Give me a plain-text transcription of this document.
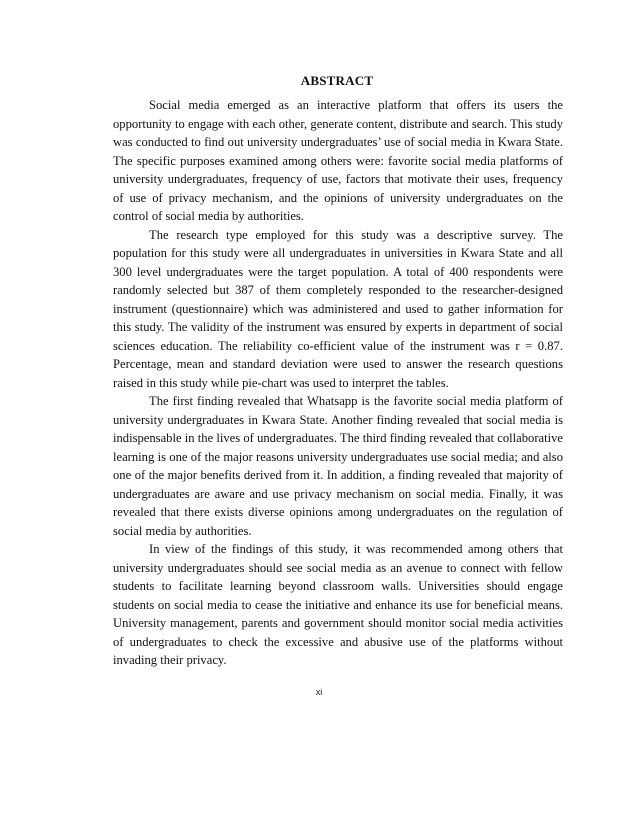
ABSTRACT

Social media emerged as an interactive platform that offers its users the opportunity to engage with each other, generate content, distribute and search. This study was conducted to find out university undergraduates’ use of social media in Kwara State. The specific purposes examined among others were: favorite social media platforms of university undergraduates, frequency of use, factors that motivate their uses, frequency of use of privacy mechanism, and the opinions of university undergraduates on the control of social media by authorities.

The research type employed for this study was a descriptive survey. The population for this study were all undergraduates in universities in Kwara State and all 300 level undergraduates were the target population. A total of 400 respondents were randomly selected but 387 of them completely responded to the researcher-designed instrument (questionnaire) which was administered and used to gather information for this study. The validity of the instrument was ensured by experts in department of social sciences education. The reliability co-efficient value of the instrument was r = 0.87. Percentage, mean and standard deviation were used to answer the research questions raised in this study while pie-chart was used to interpret the tables.

The first finding revealed that Whatsapp is the favorite social media platform of university undergraduates in Kwara State. Another finding revealed that social media is indispensable in the lives of undergraduates. The third finding revealed that collaborative learning is one of the major reasons university undergraduates use social media; and also one of the major benefits derived from it. In addition, a finding revealed that majority of undergraduates are aware and use privacy mechanism on social media. Finally, it was revealed that there exists diverse opinions among undergraduates on the regulation of social media by authorities.

In view of the findings of this study, it was recommended among others that university undergraduates should see social media as an avenue to connect with fellow students to facilitate learning beyond classroom walls. Universities should engage students on social media to cease the initiative and enhance its use for beneficial means. University management, parents and government should monitor social media activities of undergraduates to check the excessive and abusive use of the platforms without invading their privacy.

xi
